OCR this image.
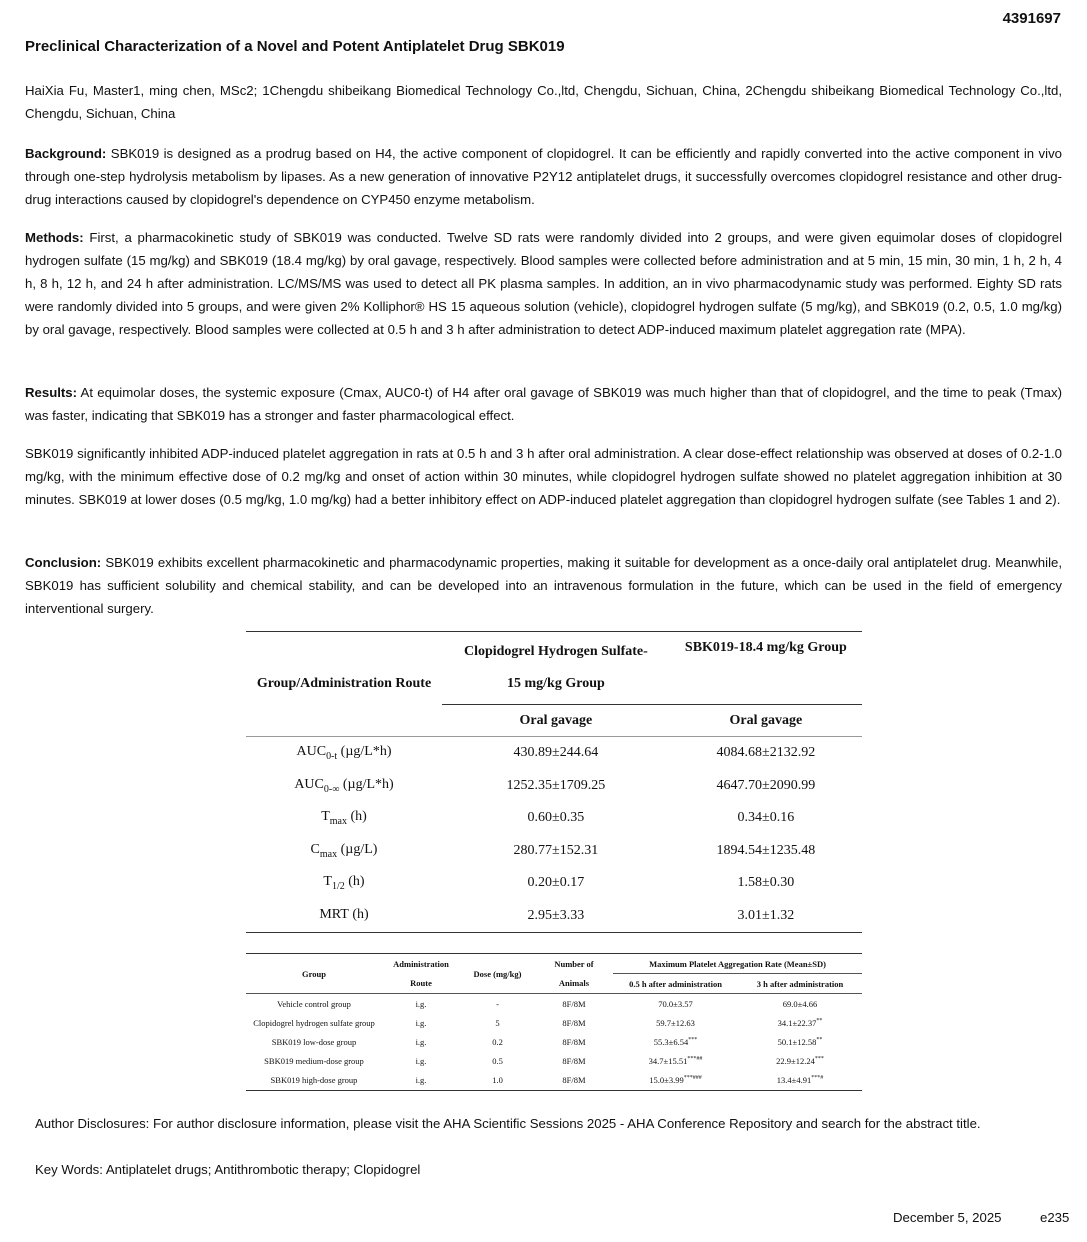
4391697
Preclinical Characterization of a Novel and Potent Antiplatelet Drug SBK019
HaiXia Fu, Master1, ming chen, MSc2; 1Chengdu shibeikang Biomedical Technology Co.,ltd, Chengdu, Sichuan, China, 2Chengdu shibeikang Biomedical Technology Co.,ltd, Chengdu, Sichuan, China
Background: SBK019 is designed as a prodrug based on H4, the active component of clopidogrel. It can be efficiently and rapidly converted into the active component in vivo through one-step hydrolysis metabolism by lipases. As a new generation of innovative P2Y12 antiplatelet drugs, it successfully overcomes clopidogrel resistance and other drug-drug interactions caused by clopidogrel's dependence on CYP450 enzyme metabolism.
Methods: First, a pharmacokinetic study of SBK019 was conducted. Twelve SD rats were randomly divided into 2 groups, and were given equimolar doses of clopidogrel hydrogen sulfate (15 mg/kg) and SBK019 (18.4 mg/kg) by oral gavage, respectively. Blood samples were collected before administration and at 5 min, 15 min, 30 min, 1 h, 2 h, 4 h, 8 h, 12 h, and 24 h after administration. LC/MS/MS was used to detect all PK plasma samples. In addition, an in vivo pharmacodynamic study was performed. Eighty SD rats were randomly divided into 5 groups, and were given 2% Kolliphor® HS 15 aqueous solution (vehicle), clopidogrel hydrogen sulfate (5 mg/kg), and SBK019 (0.2, 0.5, 1.0 mg/kg) by oral gavage, respectively. Blood samples were collected at 0.5 h and 3 h after administration to detect ADP-induced maximum platelet aggregation rate (MPA).
Results: At equimolar doses, the systemic exposure (Cmax, AUC0-t) of H4 after oral gavage of SBK019 was much higher than that of clopidogrel, and the time to peak (Tmax) was faster, indicating that SBK019 has a stronger and faster pharmacological effect.
SBK019 significantly inhibited ADP-induced platelet aggregation in rats at 0.5 h and 3 h after oral administration. A clear dose-effect relationship was observed at doses of 0.2-1.0 mg/kg, with the minimum effective dose of 0.2 mg/kg and onset of action within 30 minutes, while clopidogrel hydrogen sulfate showed no platelet aggregation inhibition at 30 minutes. SBK019 at lower doses (0.5 mg/kg, 1.0 mg/kg) had a better inhibitory effect on ADP-induced platelet aggregation than clopidogrel hydrogen sulfate (see Tables 1 and 2).
Conclusion: SBK019 exhibits excellent pharmacokinetic and pharmacodynamic properties, making it suitable for development as a once-daily oral antiplatelet drug. Meanwhile, SBK019 has sufficient solubility and chemical stability, and can be developed into an intravenous formulation in the future, which can be used in the field of emergency interventional surgery.
Group/Administration Route	Clopidogrel Hydrogen Sulfate-15 mg/kg Group	SBK019-18.4 mg/kg Group
	Oral gavage	Oral gavage
$AUC_{0-t}$ (µg/L*h)	430.89±244.64	4084.68±2132.92
$AUC_{0-\infty}$ (µg/L*h)	1252.35±1709.25	4647.70±2090.99
$T_{max}$ (h)	0.60±0.35	0.34±0.16
$C_{max}$ (µg/L)	280.77±152.31	1894.54±1235.48
$T_{1/2}$ (h)	0.20±0.17	1.58±0.30
MRT (h)	2.95±3.33	3.01±1.32
Group	Administration	Dose (mg/kg)	Number of	Maximum Platelet Aggregation Rate (Mean±SD)	
	Route		Animals	0.5 h after administration	3 h after administration
Vehicle control group	i.g.	-	8F/8M	70.0±3.57	69.0±4.66
Clopidogrel hydrogen sulfate group	i.g.	5	8F/8M	59.7±12.63	34.1±22.37**
SBK019 low-dose group	i.g.	0.2	8F/8M	55.3±6.54***	50.1±12.58**
SBK019 medium-dose group	i.g.	0.5	8F/8M	34.7±15.51***##	22.9±12.24***
SBK019 high-dose group	i.g.	1.0	8F/8M	15.0±3.99***###	13.4±4.91***#
Author Disclosures: For author disclosure information, please visit the AHA Scientific Sessions 2025 - AHA Conference Repository and search for the abstract title.
Key Words: Antiplatelet drugs; Antithrombotic therapy; Clopidogrel
December 5, 2025	e235
